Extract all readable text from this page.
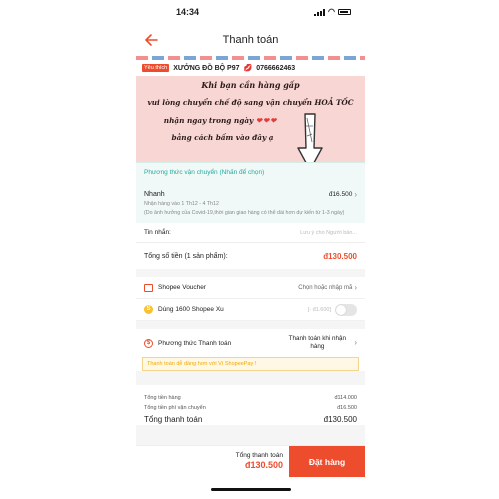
14:34	◠
Thanh toán
Yêu thích XƯỞNG ĐỒ BỘ P97 💋 0766662463
Khi bạn cần hàng gấp
vui lòng chuyển chế độ sang vận chuyển HOẢ TỐC
nhận ngay trong ngày ❤❤❤
bằng cách bấm vào đây ạ
Phương thức vận chuyển (Nhấn để chọn)
Nhanh	đ16.500 ›
Nhận hàng vào 1 Th12 - 4 Th12
(Do ảnh hưởng của Covid-19,thời gian giao hàng có thể dài hơn dự kiến từ 1-3 ngày)
Tin nhắn:	Lưu ý cho Người bán...
Tổng số tiền (1 sản phẩm):	đ130.500
Shopee Voucher	Chọn hoặc nhập mã ›
S	Dùng 1600 Shopee Xu	[- đ1.600]
$	Phương thức Thanh toán
Thanh toán khi nhận hàng	›
Thanh toán dễ dàng hơn với Ví ShopeePay !
Tổng tiền hàng	đ114.000
Tổng tiền phí vận chuyển	đ16.500
Tổng thanh toán	đ130.500
Tổng thanh toán
đ130.500	Đặt hàng
